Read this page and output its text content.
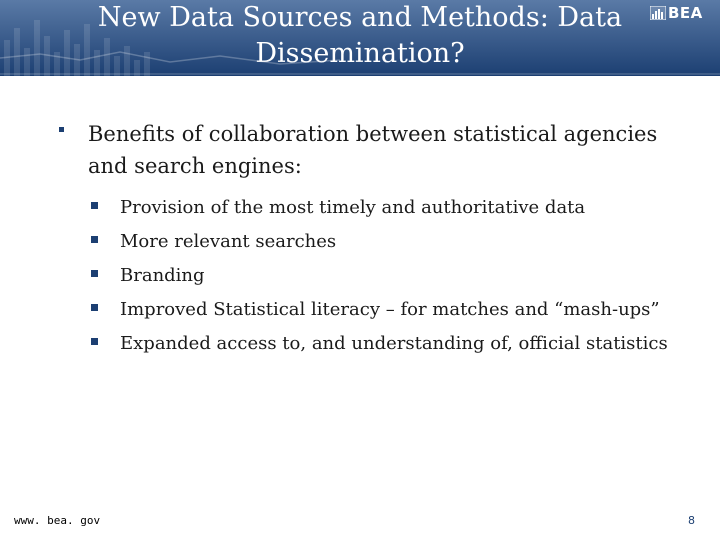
New Data Sources and Methods: Data
Dissemination?
BEA
Benefits of collaboration between statistical agencies and search engines:
Provision of the most timely and authoritative data
More relevant searches
Branding
Improved Statistical literacy – for matches and “mash-ups”
Expanded access to, and understanding of, official statistics
www. bea. gov	8
